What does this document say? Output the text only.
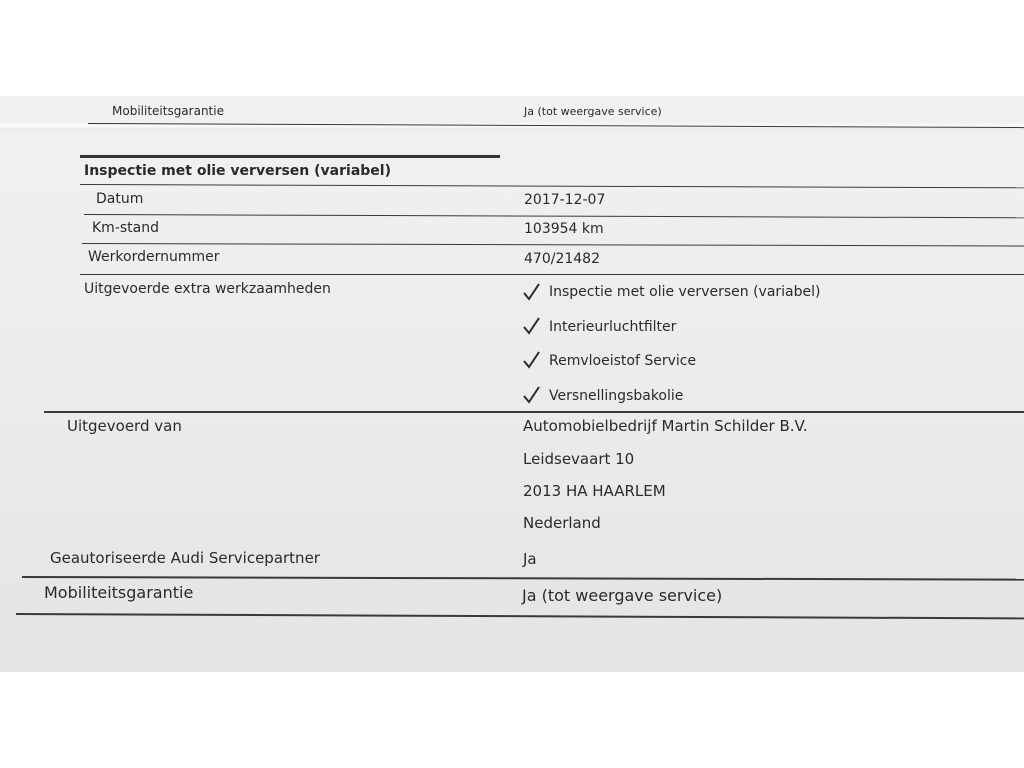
Mobiliteitsgarantie	Ja (tot weergave service)
Inspectie met olie verversen (variabel)
Datum	2017-12-07
Km-stand	103954 km
Werkordernummer	470/21482
Uitgevoerde extra werkzaamheden	Inspectie met olie verversen (variabel)
Interieurluchtfilter
Remvloeistof Service
Versnellingsbakolie
Uitgevoerd van	Automobielbedrijf Martin Schilder B.V.
Leidsevaart 10
2013 HA HAARLEM
Nederland
Geautoriseerde Audi Servicepartner	Ja
Mobiliteitsgarantie	Ja (tot weergave service)
